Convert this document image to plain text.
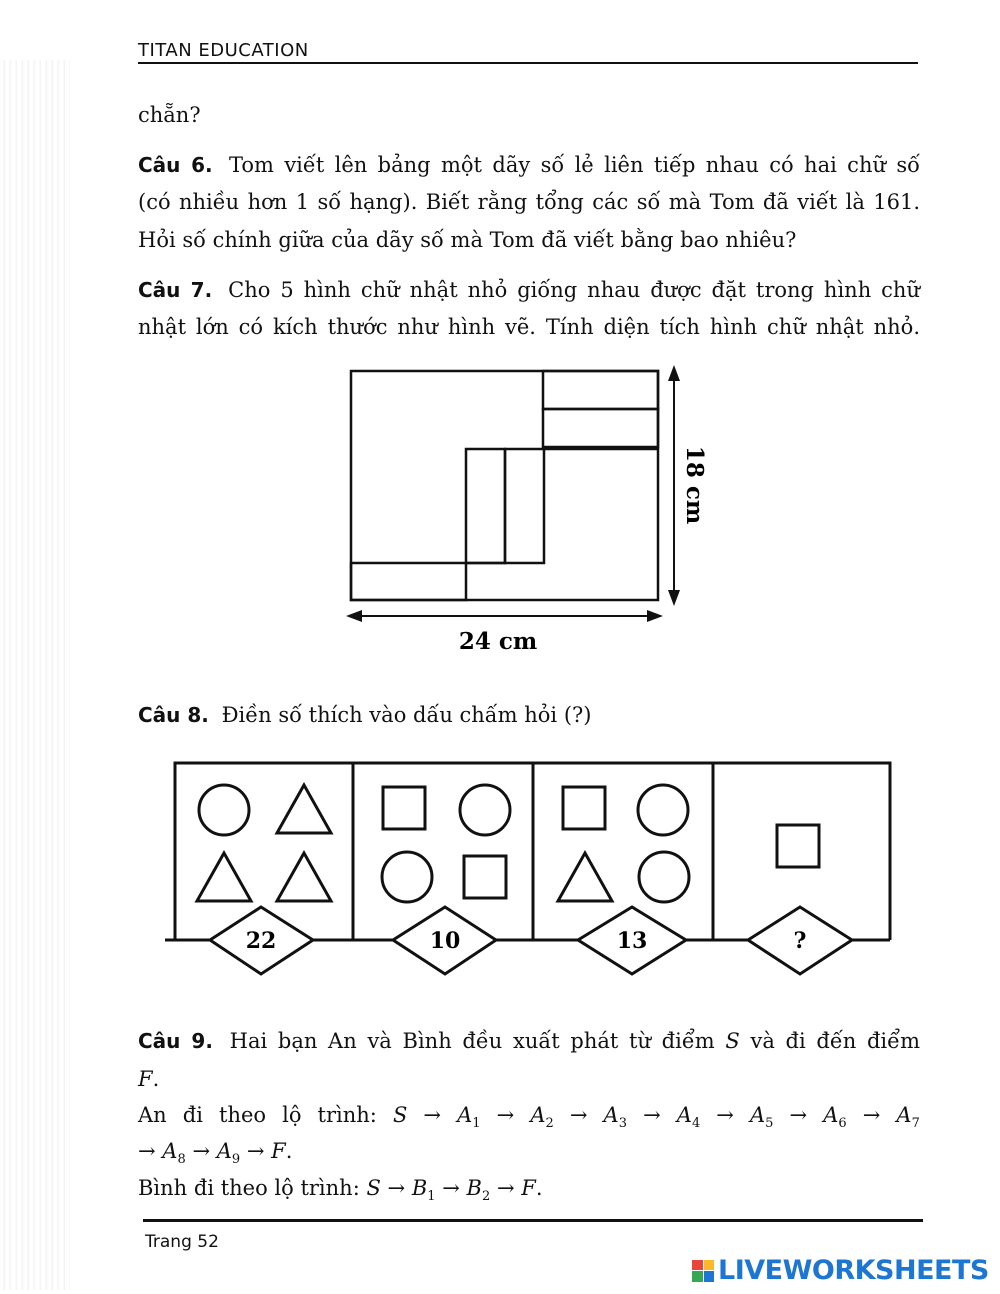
TITAN EDUCATION
chẵn?
Câu 6. Tom viết lên bảng một dãy số lẻ liên tiếp nhau có hai chữ số
(có nhiều hơn 1 số hạng). Biết rằng tổng các số mà Tom đã viết là 161.
Hỏi số chính giữa của dãy số mà Tom đã viết bằng bao nhiêu?
Câu 7. Cho 5 hình chữ nhật nhỏ giống nhau được đặt trong hình chữ
nhật lớn có kích thước như hình vẽ. Tính diện tích hình chữ nhật nhỏ.
24 cm
18 cm
Câu 8. Điền số thích vào dấu chấm hỏi (?)
22	10	13	?
Câu 9. Hai bạn An và Bình đều xuất phát từ điểm S và đi đến điểm
F.
An đi theo lộ trình: $S \to A_1 \to A_2 \to A_3 \to A_4 \to A_5 \to A_6 \to A_7$
→ $A_8 \to A_9 \to F$.
Bình đi theo lộ trình: $S \to B_1 \to B_2 \to F$.
Trang 52
LIVEWORKSHEETS
